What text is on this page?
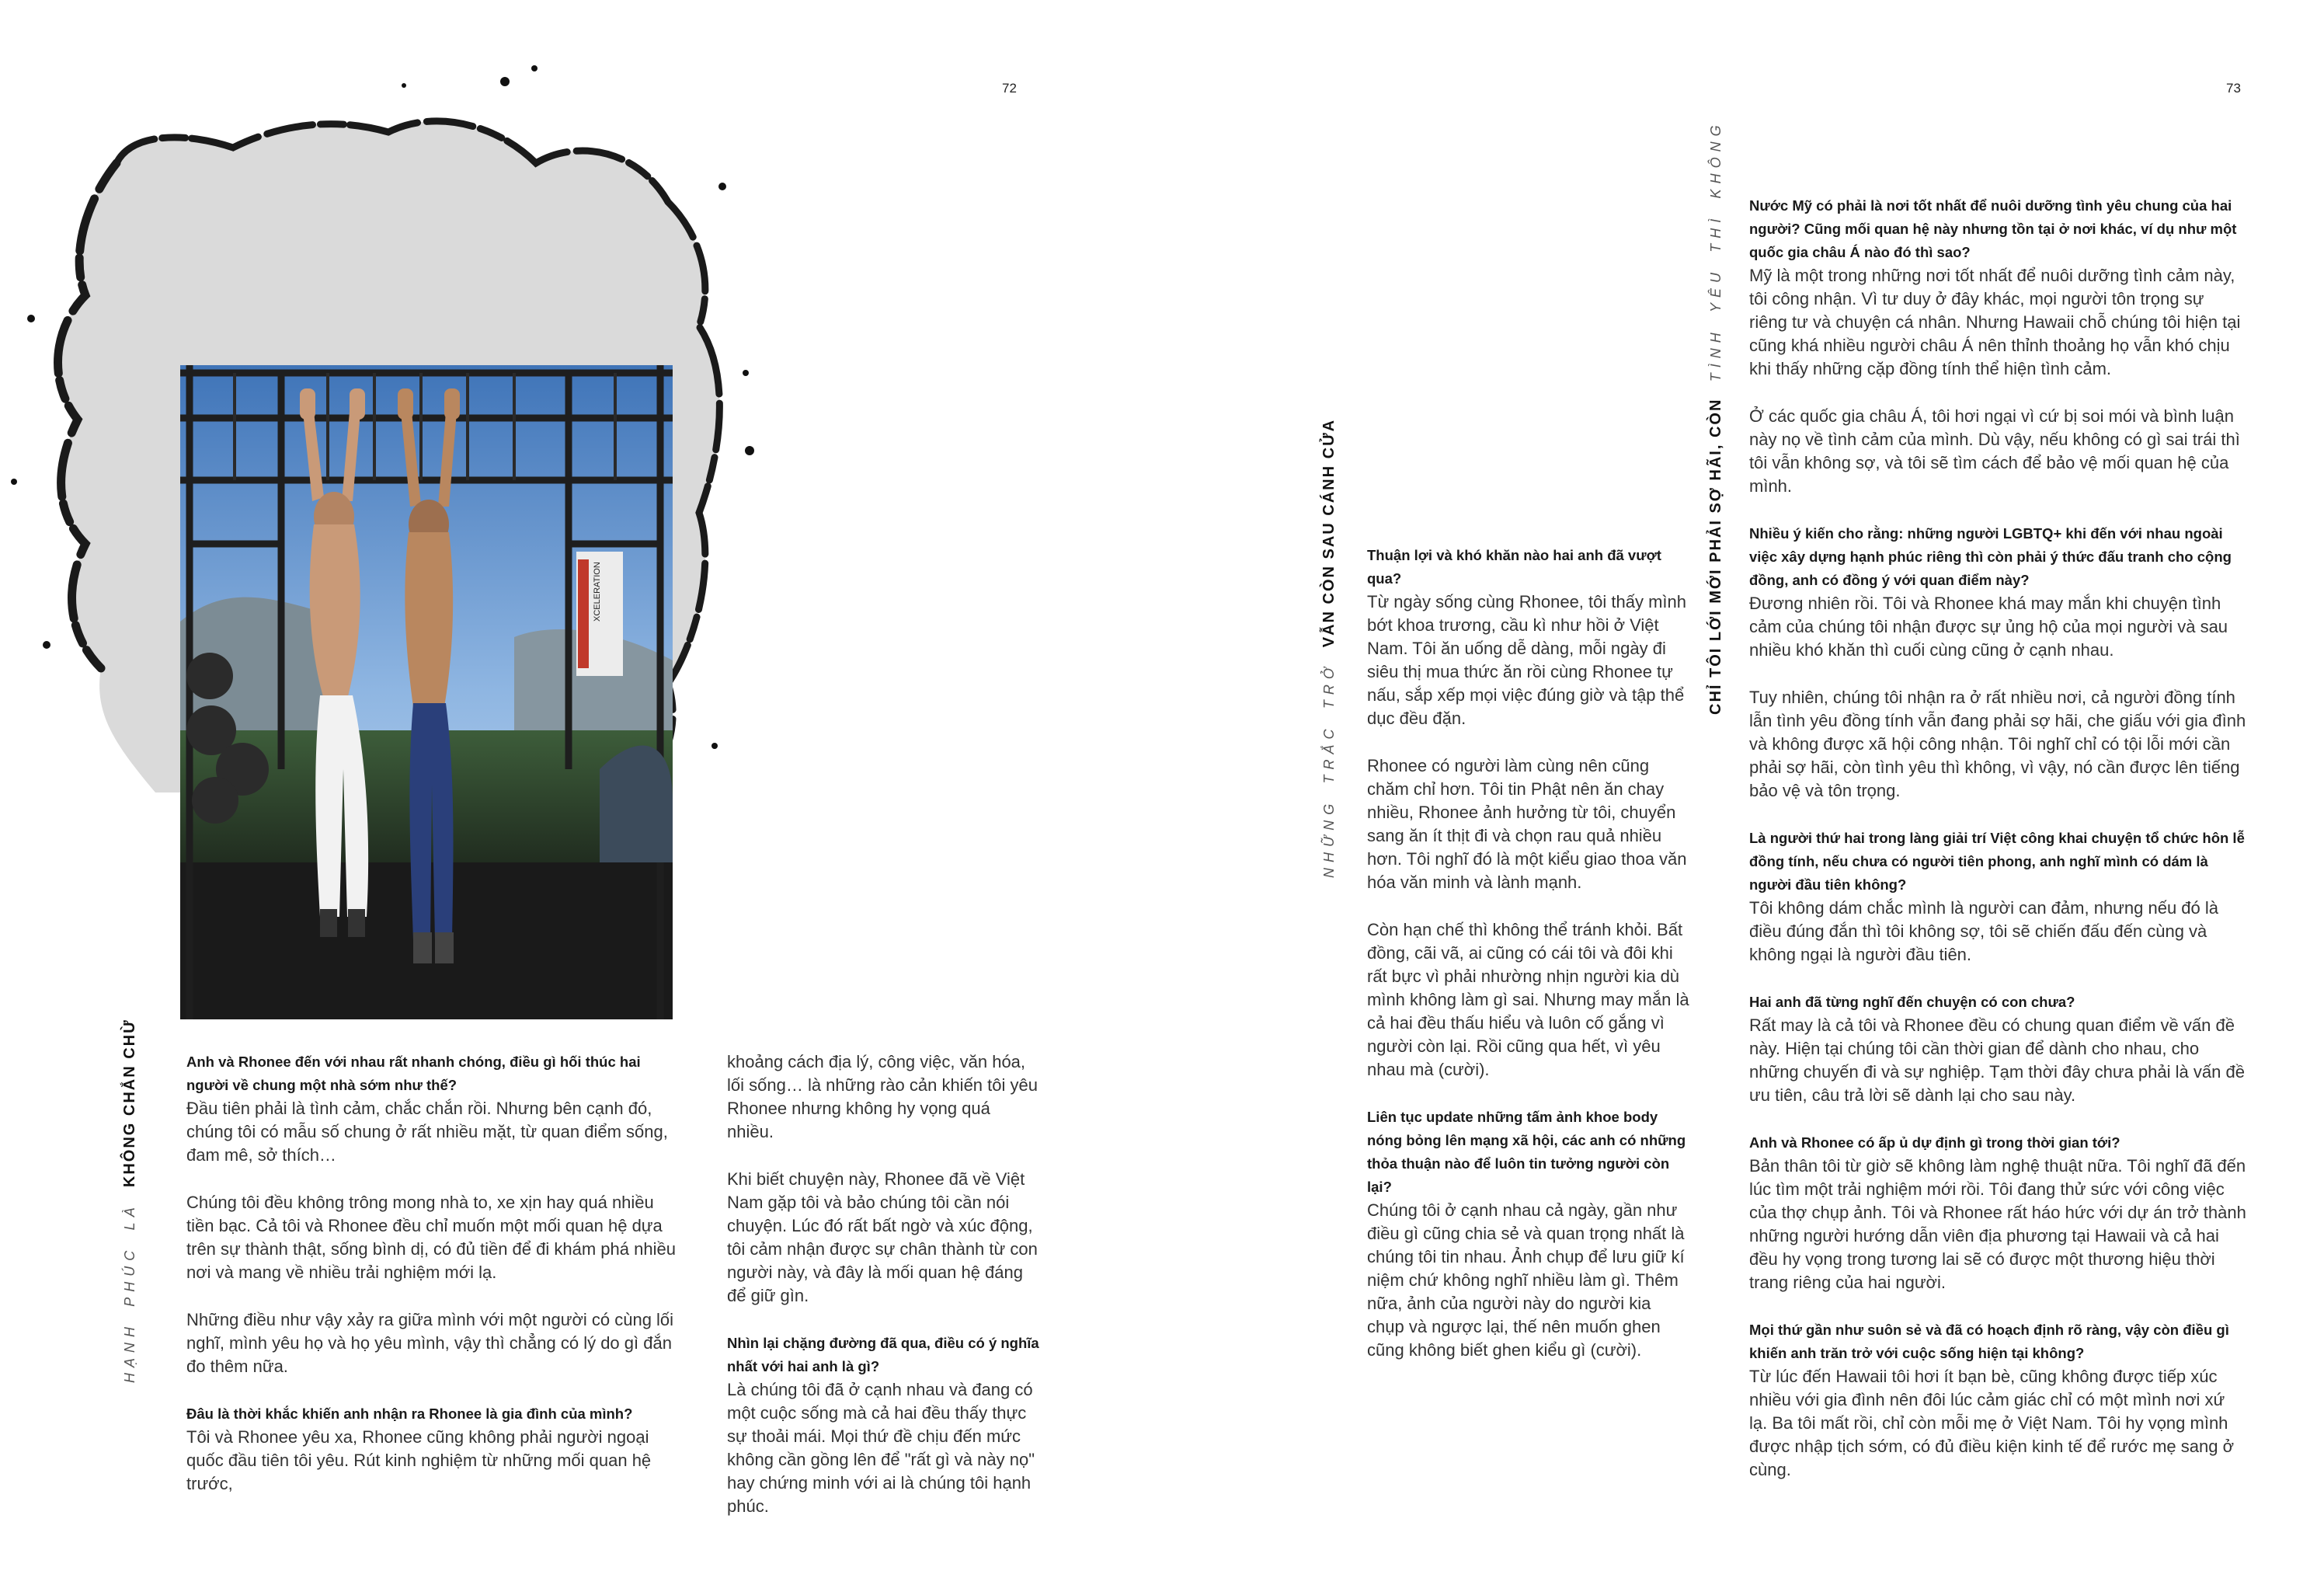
72
XCELERATION
HẠNH PHÚC LÀ KHÔNG CHẮN CHỪ	Anh và Rhonee đến với nhau rất nhanh chóng, điều gì hối thúc hai người về chung một nhà sớm như thế?
Đầu tiên phải là tình cảm, chắc chắn rồi. Nhưng bên cạnh đó, chúng tôi có mẫu số chung ở rất nhiều mặt, từ quan điểm sống, đam mê, sở thích…

Chúng tôi đều không trông mong nhà to, xe xịn hay quá nhiều tiền bạc. Cả tôi và Rhonee đều chỉ muốn một mối quan hệ dựa trên sự thành thật, sống bình dị, có đủ tiền để đi khám phá nhiều nơi và mang về nhiều trải nghiệm mới lạ.

Những điều như vậy xảy ra giữa mình với một người có cùng lối nghĩ, mình yêu họ và họ yêu mình, vậy thì chẳng có lý do gì đắn đo thêm nữa.

Đâu là thời khắc khiến anh nhận ra Rhonee là gia đình của mình?
Tôi và Rhonee yêu xa, Rhonee cũng không phải người ngoại quốc đầu tiên tôi yêu. Rút kinh nghiệm từ những mối quan hệ trước,

khoảng cách địa lý, công việc, văn hóa, lối sống… là những rào cản khiến tôi yêu Rhonee nhưng không hy vọng quá nhiều.

Khi biết chuyện này, Rhonee đã về Việt Nam gặp tôi và bảo chúng tôi cần nói chuyện. Lúc đó rất bất ngờ và xúc động, tôi cảm nhận được sự chân thành từ con người này, và đây là mối quan hệ đáng để giữ gìn.

Nhìn lại chặng đường đã qua, điều có ý nghĩa nhất với hai anh là gì?
Là chúng tôi đã ở cạnh nhau và đang có một cuộc sống mà cả hai đều thấy thực sự thoải mái. Mọi thứ đề chịu đến mức không cần gồng lên để "rất gì và này nọ" hay chứng minh với ai là chúng tôi hạnh phúc.

73
NHỮNG TRẮC TRỞ VẪN CÒN SAU CÁNH CỬA Thuận lợi và khó khăn nào hai anh đã vượt qua?
Từ ngày sống cùng Rhonee, tôi thấy mình bớt khoa trương, cầu kì như hồi ở Việt Nam. Tôi ăn uống dễ dàng, mỗi ngày đi siêu thị mua thức ăn rồi cùng Rhonee tự nấu, sắp xếp mọi việc đúng giờ và tập thể dục đều đặn.

Rhonee có người làm cùng nên cũng chăm chỉ hơn. Tôi tin Phật nên ăn chay nhiều, Rhonee ảnh hưởng từ tôi, chuyển sang ăn ít thịt đi và chọn rau quả nhiều hơn. Tôi nghĩ đó là một kiểu giao thoa văn hóa văn minh và lành mạnh.

Còn hạn chế thì không thể tránh khỏi. Bất đồng, cãi vã, ai cũng có cái tôi và đôi khi rất bực vì phải nhường nhịn người kia dù mình không làm gì sai. Nhưng may mắn là cả hai đều thấu hiểu và luôn cố gắng vì người còn lại. Rồi cũng qua hết, vì yêu nhau mà (cười).

Liên tục update những tấm ảnh khoe body nóng bỏng lên mạng xã hội, các anh có những thỏa thuận nào để luôn tin tưởng người còn lại?
Chúng tôi ở cạnh nhau cả ngày, gần như điều gì cũng chia sẻ và quan trọng nhất là chúng tôi tin nhau. Ảnh chụp để lưu giữ kí niệm chứ không nghĩ nhiều làm gì. Thêm nữa, ảnh của người này do người kia chụp và ngược lại, thế nên muốn ghen cũng không biết ghen kiểu gì (cười).

CHỈ TÔI LỚI MỚI PHẢI SỢ HÃI, CÒN TÌNH YÊU THÌ KHÔNG

Nước Mỹ có phải là nơi tốt nhất để nuôi dưỡng tình yêu chung của hai người? Cũng mối quan hệ này nhưng tồn tại ở nơi khác, ví dụ như một quốc gia châu Á nào đó thì sao?
Mỹ là một trong những nơi tốt nhất để nuôi dưỡng tình cảm này, tôi công nhận. Vì tư duy ở đây khác, mọi người tôn trọng sự riêng tư và chuyện cá nhân. Nhưng Hawaii chỗ chúng tôi hiện tại cũng khá nhiều người châu Á nên thỉnh thoảng họ vẫn khó chịu khi thấy những cặp đồng tính thể hiện tình cảm.

Ở các quốc gia châu Á, tôi hơi ngại vì cứ bị soi mói và bình luận này nọ về tình cảm của mình. Dù vậy, nếu không có gì sai trái thì tôi vẫn không sợ, và tôi sẽ tìm cách để bảo vệ mối quan hệ của mình.

Nhiều ý kiến cho rằng: những người LGBTQ+ khi đến với nhau ngoài việc xây dựng hạnh phúc riêng thì còn phải ý thức đấu tranh cho cộng đồng, anh có đồng ý với quan điểm này?
Đương nhiên rồi. Tôi và Rhonee khá may mắn khi chuyện tình cảm của chúng tôi nhận được sự ủng hộ của mọi người và sau nhiều khó khăn thì cuối cùng cũng ở cạnh nhau.

Tuy nhiên, chúng tôi nhận ra ở rất nhiều nơi, cả người đồng tính lẫn tình yêu đồng tính vẫn đang phải sợ hãi, che giấu với gia đình và không được xã hội công nhận. Tôi nghĩ chỉ có tội lỗi mới cần phải sợ hãi, còn tình yêu thì không, vì vậy, nó cần được lên tiếng bảo vệ và tôn trọng.

Là người thứ hai trong làng giải trí Việt công khai chuyện tổ chức hôn lễ đồng tính, nếu chưa có người tiên phong, anh nghĩ mình có dám là người đầu tiên không?
Tôi không dám chắc mình là người can đảm, nhưng nếu đó là điều đúng đắn thì tôi không sợ, tôi sẽ chiến đấu đến cùng và không ngại là người đầu tiên.

Hai anh đã từng nghĩ đến chuyện có con chưa?
Rất may là cả tôi và Rhonee đều có chung quan điểm về vấn đề này. Hiện tại chúng tôi cần thời gian để dành cho nhau, cho những chuyến đi và sự nghiệp. Tạm thời đây chưa phải là vấn đề ưu tiên, câu trả lời sẽ dành lại cho sau này.

Anh và Rhonee có ấp ủ dự định gì trong thời gian tới?
Bản thân tôi từ giờ sẽ không làm nghệ thuật nữa. Tôi nghĩ đã đến lúc tìm một trải nghiệm mới rồi. Tôi đang thử sức với công việc của thợ chụp ảnh. Tôi và Rhonee rất háo hức với dự án trở thành những người hướng dẫn viên địa phương tại Hawaii và cả hai đều hy vọng trong tương lai sẽ có được một thương hiệu thời trang riêng của hai người.

Mọi thứ gần như suôn sẻ và đã có hoạch định rõ ràng, vậy còn điều gì khiến anh trăn trở với cuộc sống hiện tại không?
Từ lúc đến Hawaii tôi hơi ít bạn bè, cũng không được tiếp xúc nhiều với gia đình nên đôi lúc cảm giác chỉ có một mình nơi xứ lạ. Ba tôi mất rồi, chỉ còn mỗi mẹ ở Việt Nam. Tôi hy vọng mình được nhập tịch sớm, có đủ điều kiện kinh tế để rước mẹ sang ở cùng.
